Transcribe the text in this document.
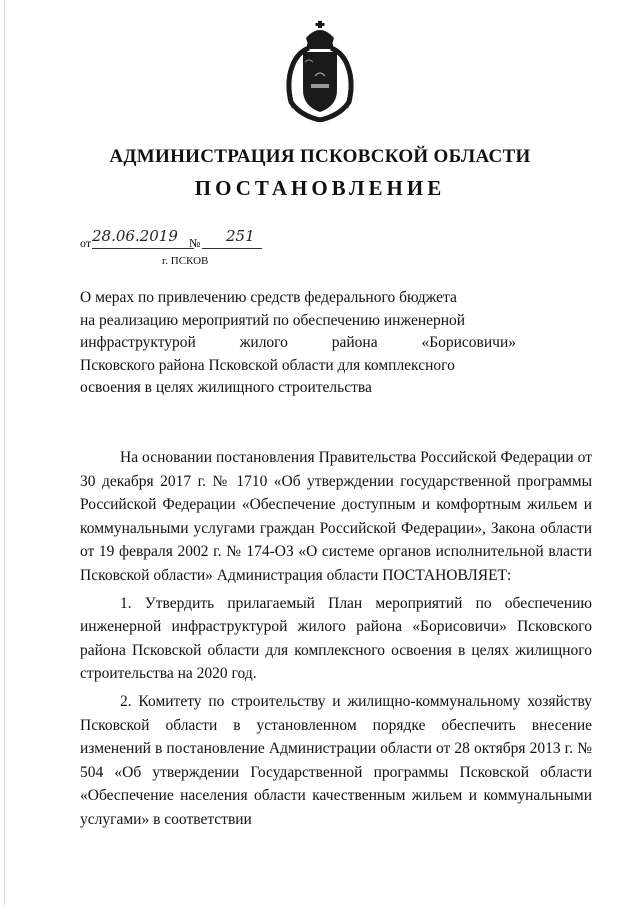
АДМИНИСТРАЦИЯ ПСКОВСКОЙ ОБЛАСТИ
ПОСТАНОВЛЕНИЕ
от 28.06.2019 № 251
г. ПСКОВ
О мерах по привлечению средств федерального бюджета
на реализацию мероприятий по обеспечению инженерной
инфраструктурой жилого района «Борисовичи»
Псковского района Псковской области для комплексного
освоения в целях жилищного строительства

На основании постановления Правительства Российской Федерации от 30 декабря 2017 г. № 1710 «Об утверждении государственной программы Российской Федерации «Обеспечение доступным и комфортным жильем и коммунальными услугами граждан Российской Федерации», Закона области от 19 февраля 2002 г. № 174-ОЗ «О системе органов исполнительной власти Псковской области» Администрация области ПОСТАНОВЛЯЕТ:

1. Утвердить прилагаемый План мероприятий по обеспечению инженерной инфраструктурой жилого района «Борисовичи» Псковского района Псковской области для комплексного освоения в целях жилищного строительства на 2020 год.

2. Комитету по строительству и жилищно-коммунальному хозяйству Псковской области в установленном порядке обеспечить внесение изменений в постановление Администрации области от 28 октября 2013 г. № 504 «Об утверждении Государственной программы Псковской области «Обеспечение населения области качественным жильем и коммунальными услугами» в соответствии
